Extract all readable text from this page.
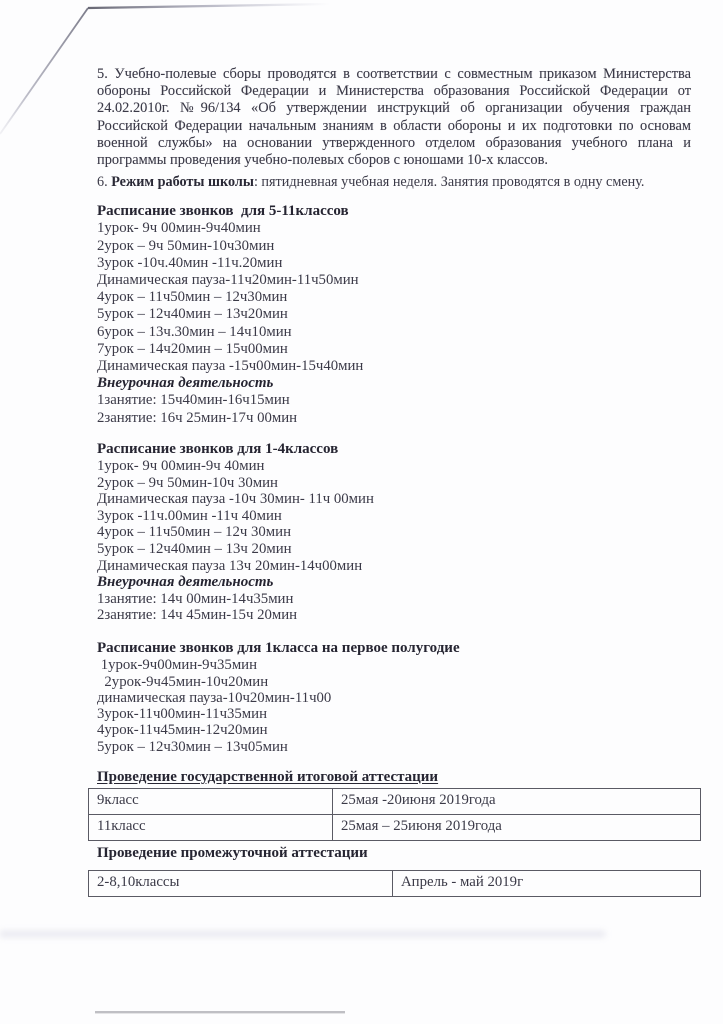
5. Учебно-полевые сборы проводятся в соответствии с совместным приказом Министерства обороны Российской Федерации и Министерства образования Российской Федерации от 24.02.2010г. №96/134 «Об утверждении инструкций об организации обучения граждан Российской Федерации начальным знаниям в области обороны и их подготовки по основам военной службы» на основании утвержденного отделом образования учебного плана и программы проведения учебно-полевых сборов с юношами 10-х классов.
6. Режим работы школы: пятидневная учебная неделя. Занятия проводятся в одну смену.
Расписание звонков  для 5-11классов
1урок- 9ч 00мин-9ч40мин
2урок – 9ч 50мин-10ч30мин
3урок -10ч.40мин -11ч.20мин
Динамическая пауза-11ч20мин-11ч50мин
4урок – 11ч50мин – 12ч30мин
5урок – 12ч40мин – 13ч20мин
6урок – 13ч.30мин – 14ч10мин
7урок – 14ч20мин – 15ч00мин
Динамическая пауза -15ч00мин-15ч40мин
Внеурочная деятельность
1занятие: 15ч40мин-16ч15мин
2занятие: 16ч 25мин-17ч 00мин
Расписание звонков для 1-4классов
1урок- 9ч 00мин-9ч 40мин
2урок – 9ч 50мин-10ч 30мин
Динамическая пауза -10ч 30мин- 11ч 00мин
3урок -11ч.00мин -11ч 40мин
4урок – 11ч50мин – 12ч 30мин
5урок – 12ч40мин – 13ч 20мин
Динамическая пауза 13ч 20мин-14ч00мин
Внеурочная деятельность
1занятие: 14ч 00мин-14ч35мин
2занятие: 14ч 45мин-15ч 20мин
Расписание звонков для 1класса на первое полугодие
1урок-9ч00мин-9ч35мин
2урок-9ч45мин-10ч20мин
динамическая пауза-10ч20мин-11ч00
3урок-11ч00мин-11ч35мин
4урок-11ч45мин-12ч20мин
5урок – 12ч30мин – 13ч05мин
Проведение государственной итоговой аттестации
9класс	25мая -20июня 2019года
11класс	25мая – 25июня 2019года
Проведение промежуточной аттестации
2-8,10классы	Апрель - май 2019г
